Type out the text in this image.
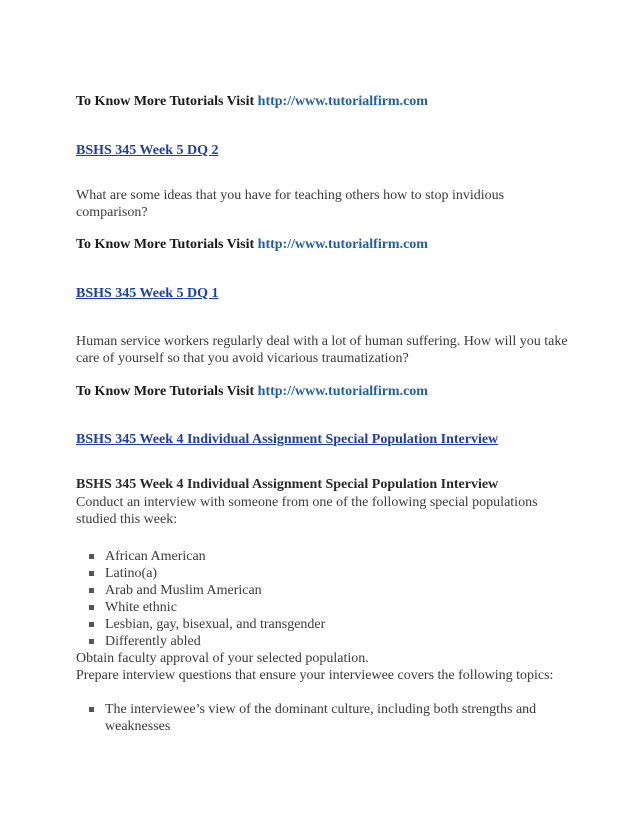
To Know More Tutorials Visit http://www.tutorialfirm.com
BSHS 345 Week 5 DQ 2
What are some ideas that you have for teaching others how to stop invidious comparison?
To Know More Tutorials Visit http://www.tutorialfirm.com
BSHS 345 Week 5 DQ 1
Human service workers regularly deal with a lot of human suffering. How will you take care of yourself so that you avoid vicarious traumatization?
To Know More Tutorials Visit http://www.tutorialfirm.com
BSHS 345 Week 4 Individual Assignment Special Population Interview
BSHS 345 Week 4 Individual Assignment Special Population Interview
Conduct an interview with someone from one of the following special populations studied this week:
African American
Latino(a)
Arab and Muslim American
White ethnic
Lesbian, gay, bisexual, and transgender
Differently abled
Obtain faculty approval of your selected population.
Prepare interview questions that ensure your interviewee covers the following topics:
The interviewee’s view of the dominant culture, including both strengths and weaknesses
